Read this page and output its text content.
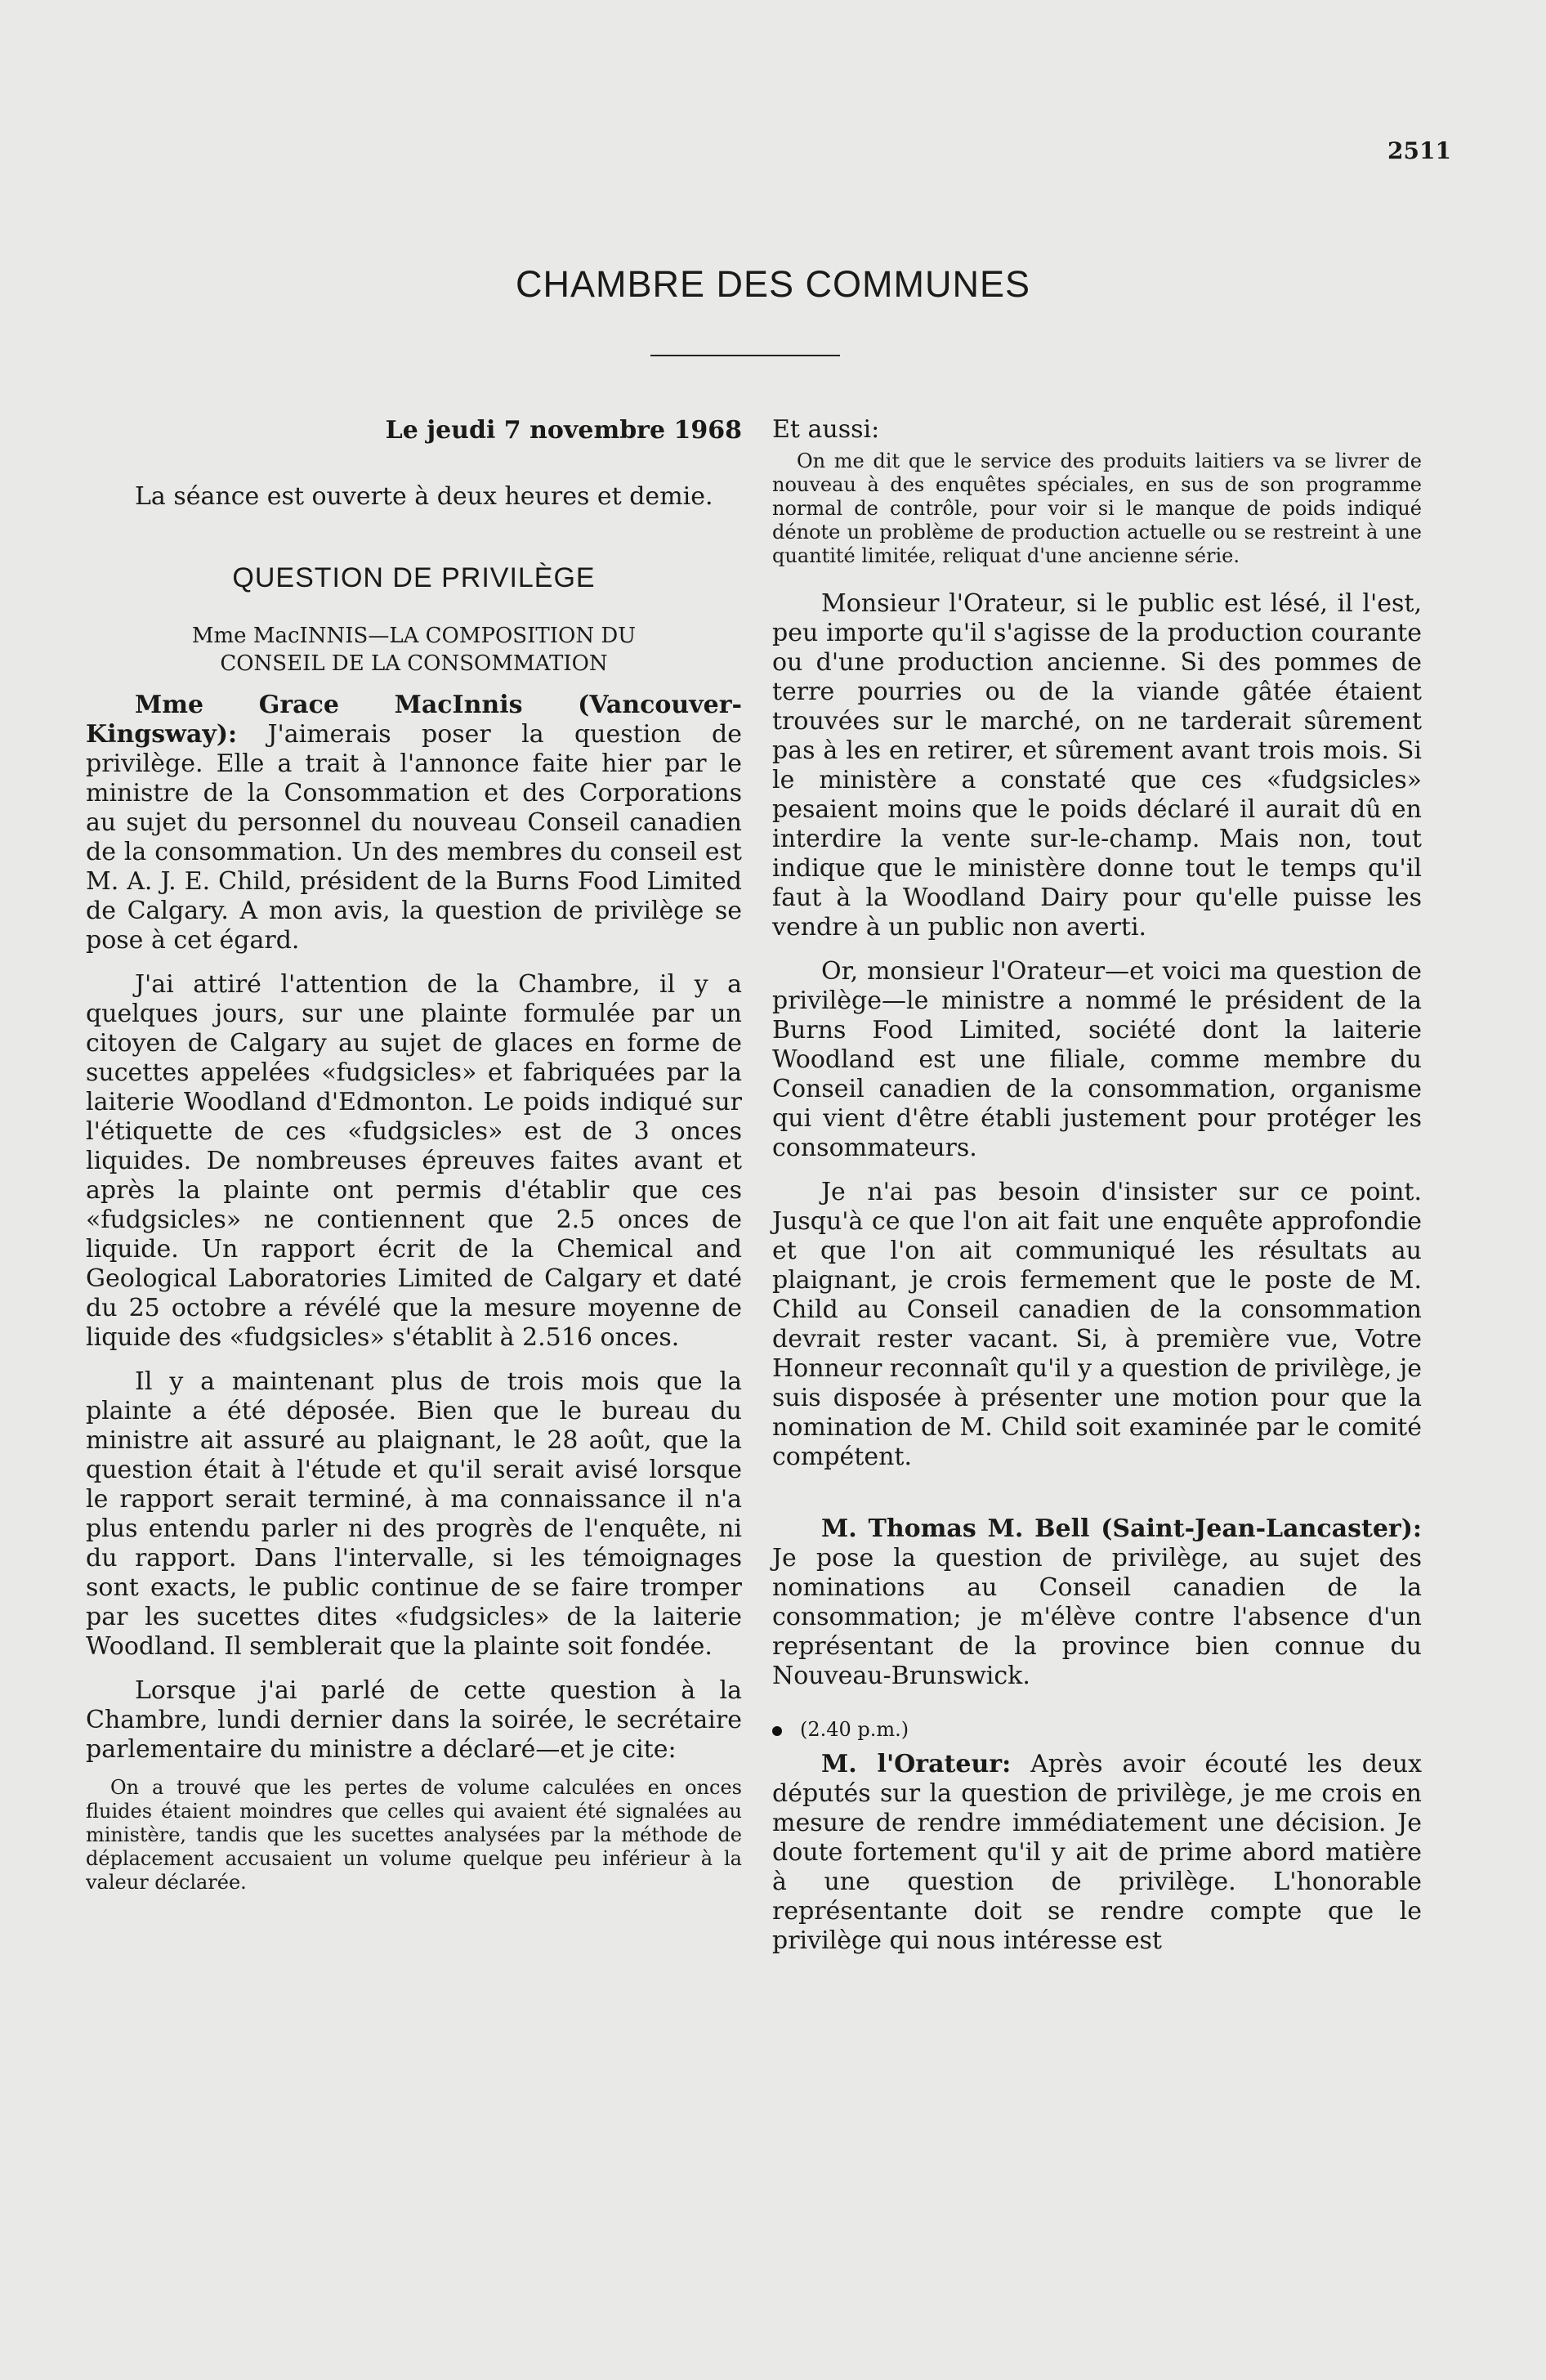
2511
CHAMBRE DES COMMUNES
Le jeudi 7 novembre 1968

La séance est ouverte à deux heures et demie.

QUESTION DE PRIVILÈGE
Mme MacINNIS—LA COMPOSITION DU
CONSEIL DE LA CONSOMMATION

Mme Grace MacInnis (Vancouver-Kingsway): J'aimerais poser la question de privilège. Elle a trait à l'annonce faite hier par le ministre de la Consommation et des Corporations au sujet du personnel du nouveau Conseil canadien de la consommation. Un des membres du conseil est M. A. J. E. Child, président de la Burns Food Limited de Calgary. A mon avis, la question de privilège se pose à cet égard.

J'ai attiré l'attention de la Chambre, il y a quelques jours, sur une plainte formulée par un citoyen de Calgary au sujet de glaces en forme de sucettes appelées «fudgsicles» et fabriquées par la laiterie Woodland d'Edmonton. Le poids indiqué sur l'étiquette de ces «fudgsicles» est de 3 onces liquides. De nombreuses épreuves faites avant et après la plainte ont permis d'établir que ces «fudgsicles» ne contiennent que 2.5 onces de liquide. Un rapport écrit de la Chemical and Geological Laboratories Limited de Calgary et daté du 25 octobre a révélé que la mesure moyenne de liquide des «fudgsicles» s'établit à 2.516 onces.

Il y a maintenant plus de trois mois que la plainte a été déposée. Bien que le bureau du ministre ait assuré au plaignant, le 28 août, que la question était à l'étude et qu'il serait avisé lorsque le rapport serait terminé, à ma connaissance il n'a plus entendu parler ni des progrès de l'enquête, ni du rapport. Dans l'intervalle, si les témoignages sont exacts, le public continue de se faire tromper par les sucettes dites «fudgsicles» de la laiterie Woodland. Il semblerait que la plainte soit fondée.

Lorsque j'ai parlé de cette question à la Chambre, lundi dernier dans la soirée, le secrétaire parlementaire du ministre a déclaré—et je cite:

On a trouvé que les pertes de volume calculées en onces fluides étaient moindres que celles qui avaient été signalées au ministère, tandis que les sucettes analysées par la méthode de déplacement accusaient un volume quelque peu inférieur à la valeur déclarée.

Et aussi:

On me dit que le service des produits laitiers va se livrer de nouveau à des enquêtes spéciales, en sus de son programme normal de contrôle, pour voir si le manque de poids indiqué dénote un problème de production actuelle ou se restreint à une quantité limitée, reliquat d'une ancienne série.

Monsieur l'Orateur, si le public est lésé, il l'est, peu importe qu'il s'agisse de la production courante ou d'une production ancienne. Si des pommes de terre pourries ou de la viande gâtée étaient trouvées sur le marché, on ne tarderait sûrement pas à les en retirer, et sûrement avant trois mois. Si le ministère a constaté que ces «fudgsicles» pesaient moins que le poids déclaré il aurait dû en interdire la vente sur-le-champ. Mais non, tout indique que le ministère donne tout le temps qu'il faut à la Woodland Dairy pour qu'elle puisse les vendre à un public non averti.

Or, monsieur l'Orateur—et voici ma question de privilège—le ministre a nommé le président de la Burns Food Limited, société dont la laiterie Woodland est une filiale, comme membre du Conseil canadien de la consommation, organisme qui vient d'être établi justement pour protéger les consommateurs.

Je n'ai pas besoin d'insister sur ce point. Jusqu'à ce que l'on ait fait une enquête approfondie et que l'on ait communiqué les résultats au plaignant, je crois fermement que le poste de M. Child au Conseil canadien de la consommation devrait rester vacant. Si, à première vue, Votre Honneur reconnaît qu'il y a question de privilège, je suis disposée à présenter une motion pour que la nomination de M. Child soit examinée par le comité compétent.

M. Thomas M. Bell (Saint-Jean-Lancaster): Je pose la question de privilège, au sujet des nominations au Conseil canadien de la consommation; je m'élève contre l'absence d'un représentant de la province bien connue du Nouveau-Brunswick.

(2.40 p.m.)

M. l'Orateur: Après avoir écouté les deux députés sur la question de privilège, je me crois en mesure de rendre immédiatement une décision. Je doute fortement qu'il y ait de prime abord matière à une question de privilège. L'honorable représentante doit se rendre compte que le privilège qui nous intéresse est
